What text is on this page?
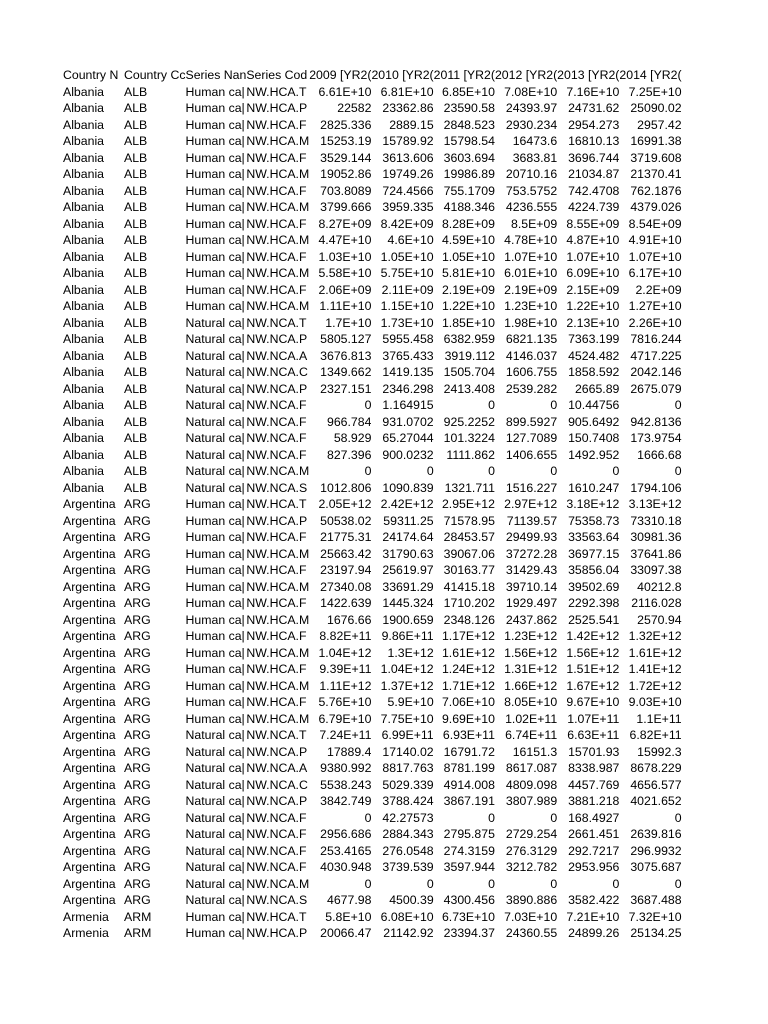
Country N	Country Cc	Series Nan	Series Cod	2009 [YR2(	2010 [YR2(	2011 [YR2(	2012 [YR2(	2013 [YR2(	2014 [YR2(
Albania	ALB	Human ca|	NW.HCA.T	6.61E+10	6.81E+10	6.85E+10	7.08E+10	7.16E+10	7.25E+10
Albania	ALB	Human ca|	NW.HCA.P	22582	23362.86	23590.58	24393.97	24731.62	25090.02
Albania	ALB	Human ca|	NW.HCA.F	2825.336	2889.15	2848.523	2930.234	2954.273	2957.42
Albania	ALB	Human ca|	NW.HCA.M	15253.19	15789.92	15798.54	16473.6	16810.13	16991.38
Albania	ALB	Human ca|	NW.HCA.F	3529.144	3613.606	3603.694	3683.81	3696.744	3719.608
Albania	ALB	Human ca|	NW.HCA.M	19052.86	19749.26	19986.89	20710.16	21034.87	21370.41
Albania	ALB	Human ca|	NW.HCA.F	703.8089	724.4566	755.1709	753.5752	742.4708	762.1876
Albania	ALB	Human ca|	NW.HCA.M	3799.666	3959.335	4188.346	4236.555	4224.739	4379.026
Albania	ALB	Human ca|	NW.HCA.F	8.27E+09	8.42E+09	8.28E+09	8.5E+09	8.55E+09	8.54E+09
Albania	ALB	Human ca|	NW.HCA.M	4.47E+10	4.6E+10	4.59E+10	4.78E+10	4.87E+10	4.91E+10
Albania	ALB	Human ca|	NW.HCA.F	1.03E+10	1.05E+10	1.05E+10	1.07E+10	1.07E+10	1.07E+10
Albania	ALB	Human ca|	NW.HCA.M	5.58E+10	5.75E+10	5.81E+10	6.01E+10	6.09E+10	6.17E+10
Albania	ALB	Human ca|	NW.HCA.F	2.06E+09	2.11E+09	2.19E+09	2.19E+09	2.15E+09	2.2E+09
Albania	ALB	Human ca|	NW.HCA.M	1.11E+10	1.15E+10	1.22E+10	1.23E+10	1.22E+10	1.27E+10
Albania	ALB	Natural ca|	NW.NCA.T	1.7E+10	1.73E+10	1.85E+10	1.98E+10	2.13E+10	2.26E+10
Albania	ALB	Natural ca|	NW.NCA.P	5805.127	5955.458	6382.959	6821.135	7363.199	7816.244
Albania	ALB	Natural ca|	NW.NCA.A	3676.813	3765.433	3919.112	4146.037	4524.482	4717.225
Albania	ALB	Natural ca|	NW.NCA.C	1349.662	1419.135	1505.704	1606.755	1858.592	2042.146
Albania	ALB	Natural ca|	NW.NCA.P	2327.151	2346.298	2413.408	2539.282	2665.89	2675.079
Albania	ALB	Natural ca|	NW.NCA.F	0	1.164915	0	0	10.44756	0
Albania	ALB	Natural ca|	NW.NCA.F	966.784	931.0702	925.2252	899.5927	905.6492	942.8136
Albania	ALB	Natural ca|	NW.NCA.F	58.929	65.27044	101.3224	127.7089	150.7408	173.9754
Albania	ALB	Natural ca|	NW.NCA.F	827.396	900.0232	1111.862	1406.655	1492.952	1666.68
Albania	ALB	Natural ca|	NW.NCA.M	0	0	0	0	0	0
Albania	ALB	Natural ca|	NW.NCA.S	1012.806	1090.839	1321.711	1516.227	1610.247	1794.106
Argentina	ARG	Human ca|	NW.HCA.T	2.05E+12	2.42E+12	2.95E+12	2.97E+12	3.18E+12	3.13E+12
Argentina	ARG	Human ca|	NW.HCA.P	50538.02	59311.25	71578.95	71139.57	75358.73	73310.18
Argentina	ARG	Human ca|	NW.HCA.F	21775.31	24174.64	28453.57	29499.93	33563.64	30981.36
Argentina	ARG	Human ca|	NW.HCA.M	25663.42	31790.63	39067.06	37272.28	36977.15	37641.86
Argentina	ARG	Human ca|	NW.HCA.F	23197.94	25619.97	30163.77	31429.43	35856.04	33097.38
Argentina	ARG	Human ca|	NW.HCA.M	27340.08	33691.29	41415.18	39710.14	39502.69	40212.8
Argentina	ARG	Human ca|	NW.HCA.F	1422.639	1445.324	1710.202	1929.497	2292.398	2116.028
Argentina	ARG	Human ca|	NW.HCA.M	1676.66	1900.659	2348.126	2437.862	2525.541	2570.94
Argentina	ARG	Human ca|	NW.HCA.F	8.82E+11	9.86E+11	1.17E+12	1.23E+12	1.42E+12	1.32E+12
Argentina	ARG	Human ca|	NW.HCA.M	1.04E+12	1.3E+12	1.61E+12	1.56E+12	1.56E+12	1.61E+12
Argentina	ARG	Human ca|	NW.HCA.F	9.39E+11	1.04E+12	1.24E+12	1.31E+12	1.51E+12	1.41E+12
Argentina	ARG	Human ca|	NW.HCA.M	1.11E+12	1.37E+12	1.71E+12	1.66E+12	1.67E+12	1.72E+12
Argentina	ARG	Human ca|	NW.HCA.F	5.76E+10	5.9E+10	7.06E+10	8.05E+10	9.67E+10	9.03E+10
Argentina	ARG	Human ca|	NW.HCA.M	6.79E+10	7.75E+10	9.69E+10	1.02E+11	1.07E+11	1.1E+11
Argentina	ARG	Natural ca|	NW.NCA.T	7.24E+11	6.99E+11	6.93E+11	6.74E+11	6.63E+11	6.82E+11
Argentina	ARG	Natural ca|	NW.NCA.P	17889.4	17140.02	16791.72	16151.3	15701.93	15992.3
Argentina	ARG	Natural ca|	NW.NCA.A	9380.992	8817.763	8781.199	8617.087	8338.987	8678.229
Argentina	ARG	Natural ca|	NW.NCA.C	5538.243	5029.339	4914.008	4809.098	4457.769	4656.577
Argentina	ARG	Natural ca|	NW.NCA.P	3842.749	3788.424	3867.191	3807.989	3881.218	4021.652
Argentina	ARG	Natural ca|	NW.NCA.F	0	42.27573	0	0	168.4927	0
Argentina	ARG	Natural ca|	NW.NCA.F	2956.686	2884.343	2795.875	2729.254	2661.451	2639.816
Argentina	ARG	Natural ca|	NW.NCA.F	253.4165	276.0548	274.3159	276.3129	292.7217	296.9932
Argentina	ARG	Natural ca|	NW.NCA.F	4030.948	3739.539	3597.944	3212.782	2953.956	3075.687
Argentina	ARG	Natural ca|	NW.NCA.M	0	0	0	0	0	0
Argentina	ARG	Natural ca|	NW.NCA.S	4677.98	4500.39	4300.456	3890.886	3582.422	3687.488
Armenia	ARM	Human ca|	NW.HCA.T	5.8E+10	6.08E+10	6.73E+10	7.03E+10	7.21E+10	7.32E+10
Armenia	ARM	Human ca|	NW.HCA.P	20066.47	21142.92	23394.37	24360.55	24899.26	25134.25
